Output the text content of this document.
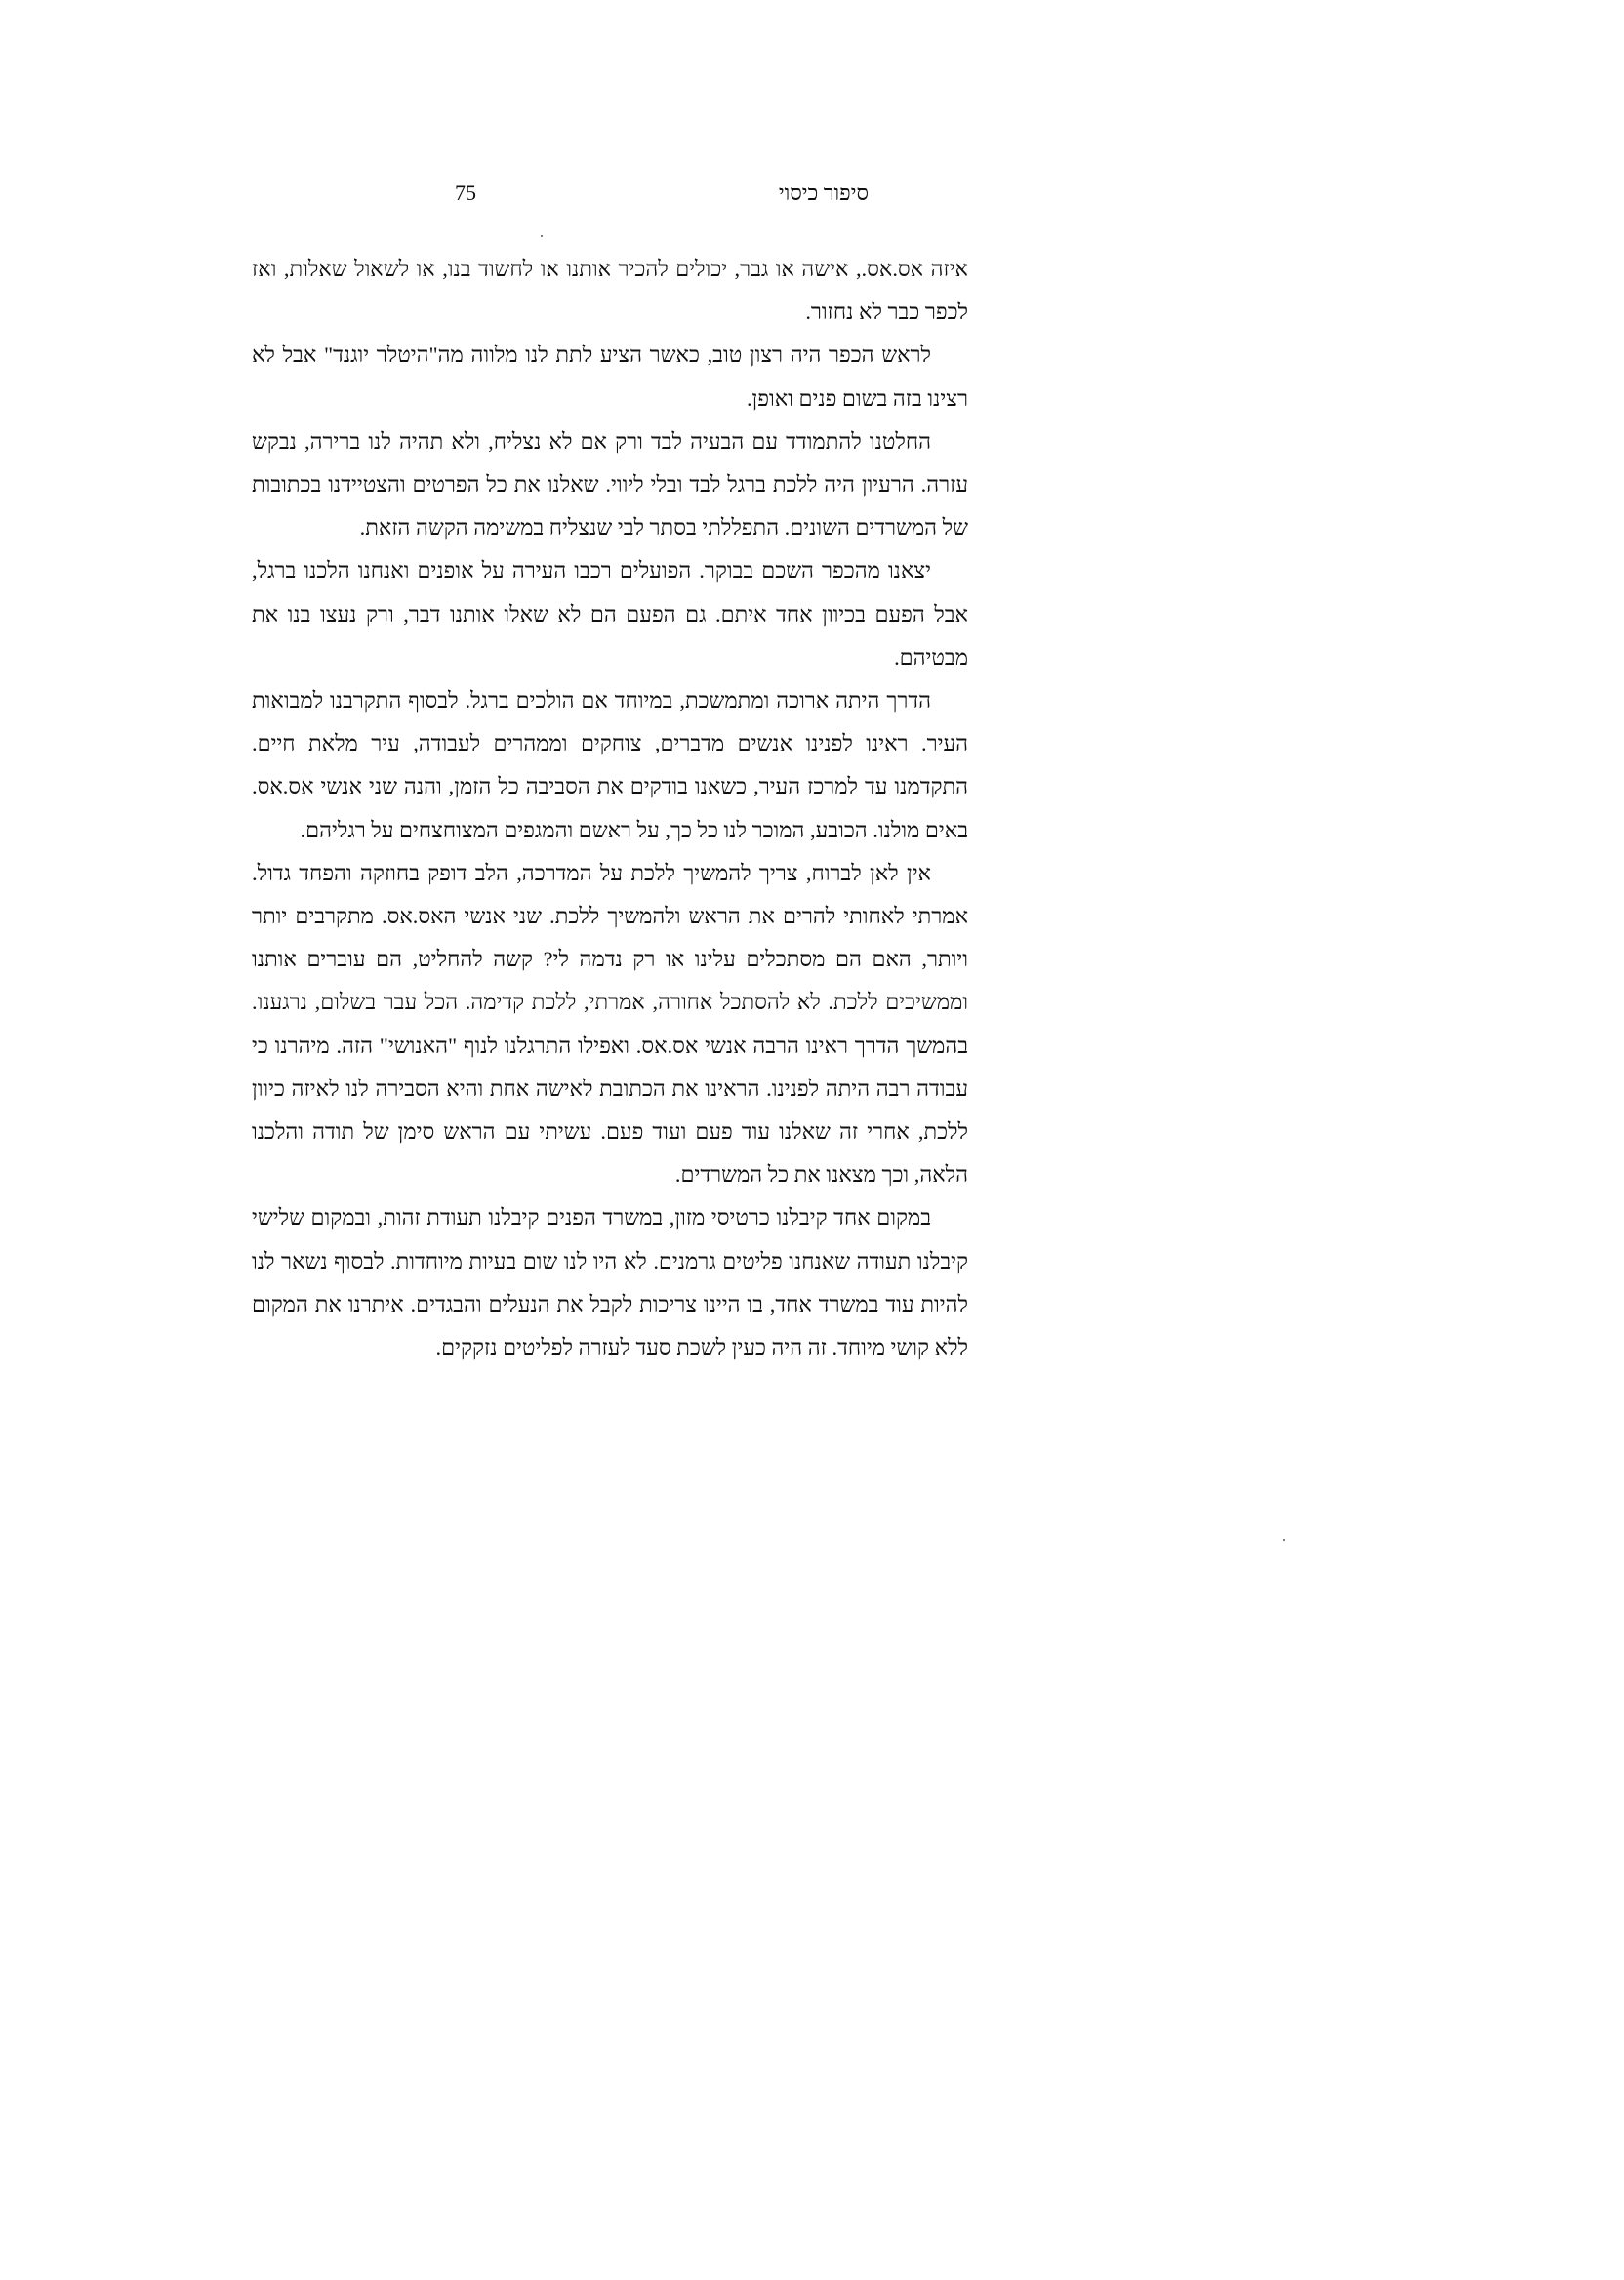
75	סיפור כיסוי

איזה אס.אס., אישה או גבר, יכולים להכיר אותנו או לחשוד בנו, או לשאול שאלות, ואז לכפר כבר לא נחזור.

לראש הכפר היה רצון טוב, כאשר הציע לתת לנו מלווה מה"היטלר יוגנד" אבל לא רצינו בזה בשום פנים ואופן.

החלטנו להתמודד עם הבעיה לבד ורק אם לא נצליח, ולא תהיה לנו ברירה, נבקש עזרה. הרעיון היה ללכת ברגל לבד ובלי ליווי. שאלנו את כל הפרטים והצטיידנו בכתובות של המשרדים השונים. התפללתי בסתר לבי שנצליח במשימה הקשה הזאת.

יצאנו מהכפר השכם בבוקר. הפועלים רכבו העירה על אופנים ואנחנו הלכנו ברגל, אבל הפעם בכיוון אחד איתם. גם הפעם הם לא שאלו אותנו דבר, ורק נעצו בנו את מבטיהם.

הדרך היתה ארוכה ומתמשכת, במיוחד אם הולכים ברגל. לבסוף התקרבנו למבואות העיר. ראינו לפנינו אנשים מדברים, צוחקים וממהרים לעבודה, עיר מלאת חיים. התקדמנו עד למרכז העיר, כשאנו בודקים את הסביבה כל הזמן, והנה שני אנשי אס.אס. באים מולנו. הכובע, המוכר לנו כל כך, על ראשם והמגפים המצוחצחים על רגליהם.

אין לאן לברוח, צריך להמשיך ללכת על המדרכה, הלב דופק בחוזקה והפחד גדול. אמרתי לאחותי להרים את הראש ולהמשיך ללכת. שני אנשי האס.אס. מתקרבים יותר ויותר, האם הם מסתכלים עלינו או רק נדמה לי? קשה להחליט, הם עוברים אותנו וממשיכים ללכת. לא להסתכל אחורה, אמרתי, ללכת קדימה. הכל עבר בשלום, נרגענו. בהמשך הדרך ראינו הרבה אנשי אס.אס. ואפילו התרגלנו לנוף "האנושי" הזה. מיהרנו כי עבודה רבה היתה לפנינו. הראינו את הכתובת לאישה אחת והיא הסבירה לנו לאיזה כיוון ללכת, אחרי זה שאלנו עוד פעם ועוד פעם. עשיתי עם הראש סימן של תודה והלכנו הלאה, וכך מצאנו את כל המשרדים.

במקום אחד קיבלנו כרטיסי מזון, במשרד הפנים קיבלנו תעודת זהות, ובמקום שלישי קיבלנו תעודה שאנחנו פליטים גרמנים. לא היו לנו שום בעיות מיוחדות. לבסוף נשאר לנו להיות עוד במשרד אחד, בו היינו צריכות לקבל את הנעלים והבגדים. איתרנו את המקום ללא קושי מיוחד. זה היה כעין לשכת סעד לעזרה לפליטים נזקקים.
